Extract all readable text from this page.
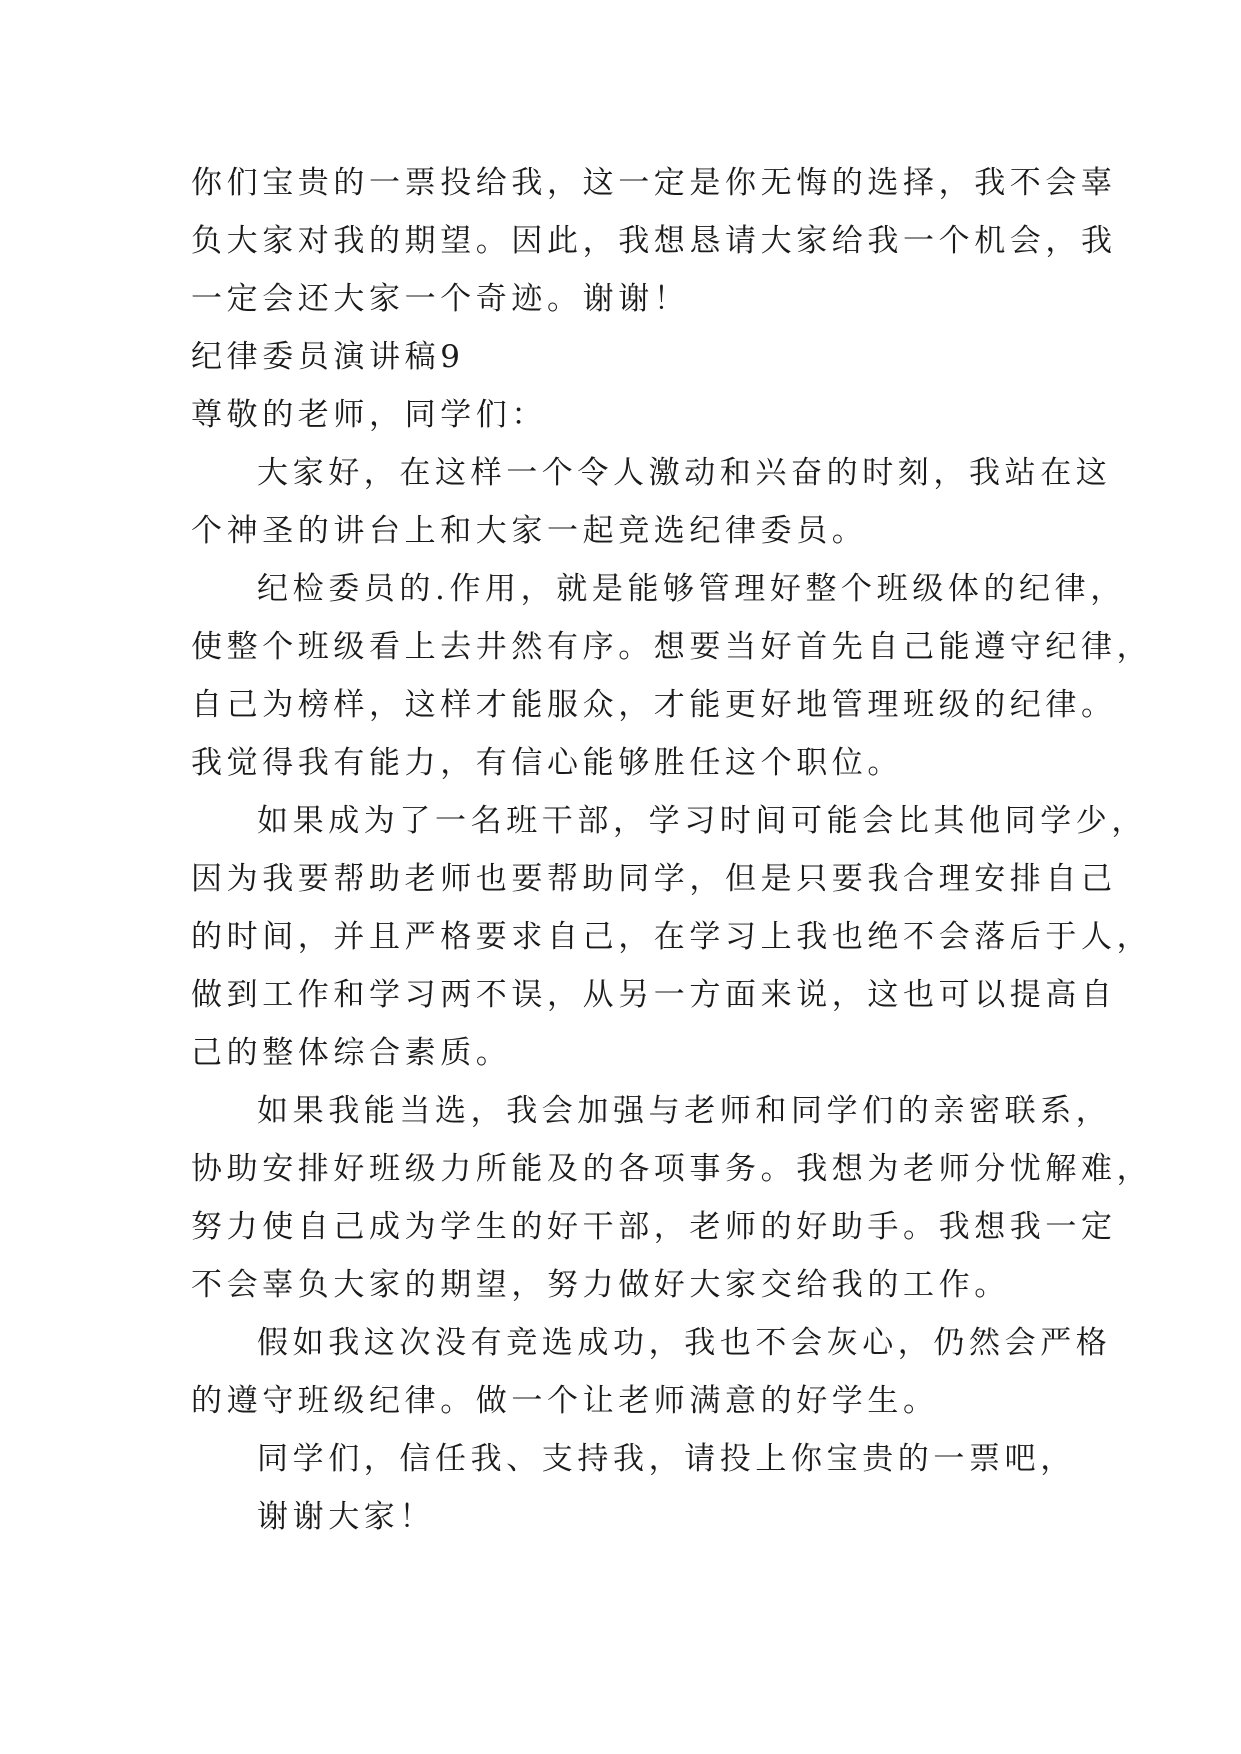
你们宝贵的一票投给我，这一定是你无悔的选择，我不会辜

负大家对我的期望。因此，我想恳请大家给我一个机会，我

一定会还大家一个奇迹。谢谢！

纪律委员演讲稿9

尊敬的老师，同学们：

大家好，在这样一个令人激动和兴奋的时刻，我站在这

个神圣的讲台上和大家一起竞选纪律委员。

纪检委员的.作用，就是能够管理好整个班级体的纪律，

使整个班级看上去井然有序。想要当好首先自己能遵守纪律，

自己为榜样，这样才能服众，才能更好地管理班级的纪律。

我觉得我有能力，有信心能够胜任这个职位。

如果成为了一名班干部，学习时间可能会比其他同学少，

因为我要帮助老师也要帮助同学，但是只要我合理安排自己

的时间，并且严格要求自己，在学习上我也绝不会落后于人，

做到工作和学习两不误，从另一方面来说，这也可以提高自

己的整体综合素质。

如果我能当选，我会加强与老师和同学们的亲密联系，

协助安排好班级力所能及的各项事务。我想为老师分忧解难，

努力使自己成为学生的好干部，老师的好助手。我想我一定

不会辜负大家的期望，努力做好大家交给我的工作。

假如我这次没有竞选成功，我也不会灰心，仍然会严格

的遵守班级纪律。做一个让老师满意的好学生。

同学们，信任我、支持我，请投上你宝贵的一票吧，

谢谢大家！
